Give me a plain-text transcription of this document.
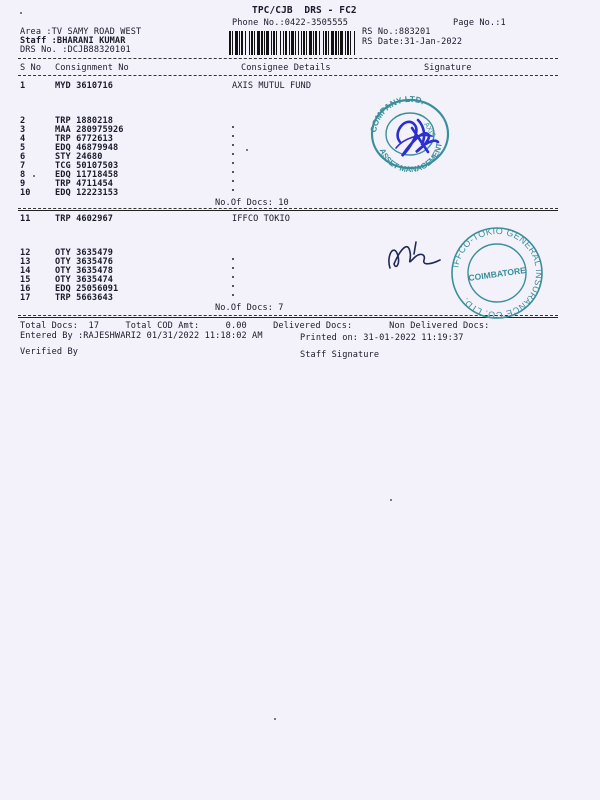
TPC/CJB  DRS - FC2
Phone No.:0422-3505555	Page No.:1
Area :TV SAMY ROAD WEST
Staff :BHARANI KUMAR
DRS No. :DCJB88320101
RS No.:883201
RS Date:31-Jan-2022
S No Consignment No	Consignee Details	Signature
1	MYD 3610716	AXIS MUTUL FUND
2	TRP 1880218
3	MAA 280975926
4	TRP 6772613
5	EDQ 46879948
6	STY 24680
7	TCG 50107503
8	EDQ 11718458
9	TRP 4711454
10	EDQ 12223153
No.Of Docs: 10
11	TRP 4602967	IFFCO TOKIO
12	OTY 3635479
13	OTY 3635476
14	OTY 3635478
15	OTY 3635474
16	EDQ 25056091
17	TRP 5663643
No.Of Docs: 7
Total Docs:  17     Total COD Amt:     0.00     Delivered Docs:       Non Delivered Docs:
Entered By :RAJESHWARI2 01/31/2022 11:18:02 AM	Printed on: 31-01-2022 11:19:37
Verified By	Staff Signature
COMPANY LTD.
ASSET MANAGEMENT
AXIS
IFFCO-TOKIO GENERAL INSURANCE CO. LTD.
COIMBATORE
